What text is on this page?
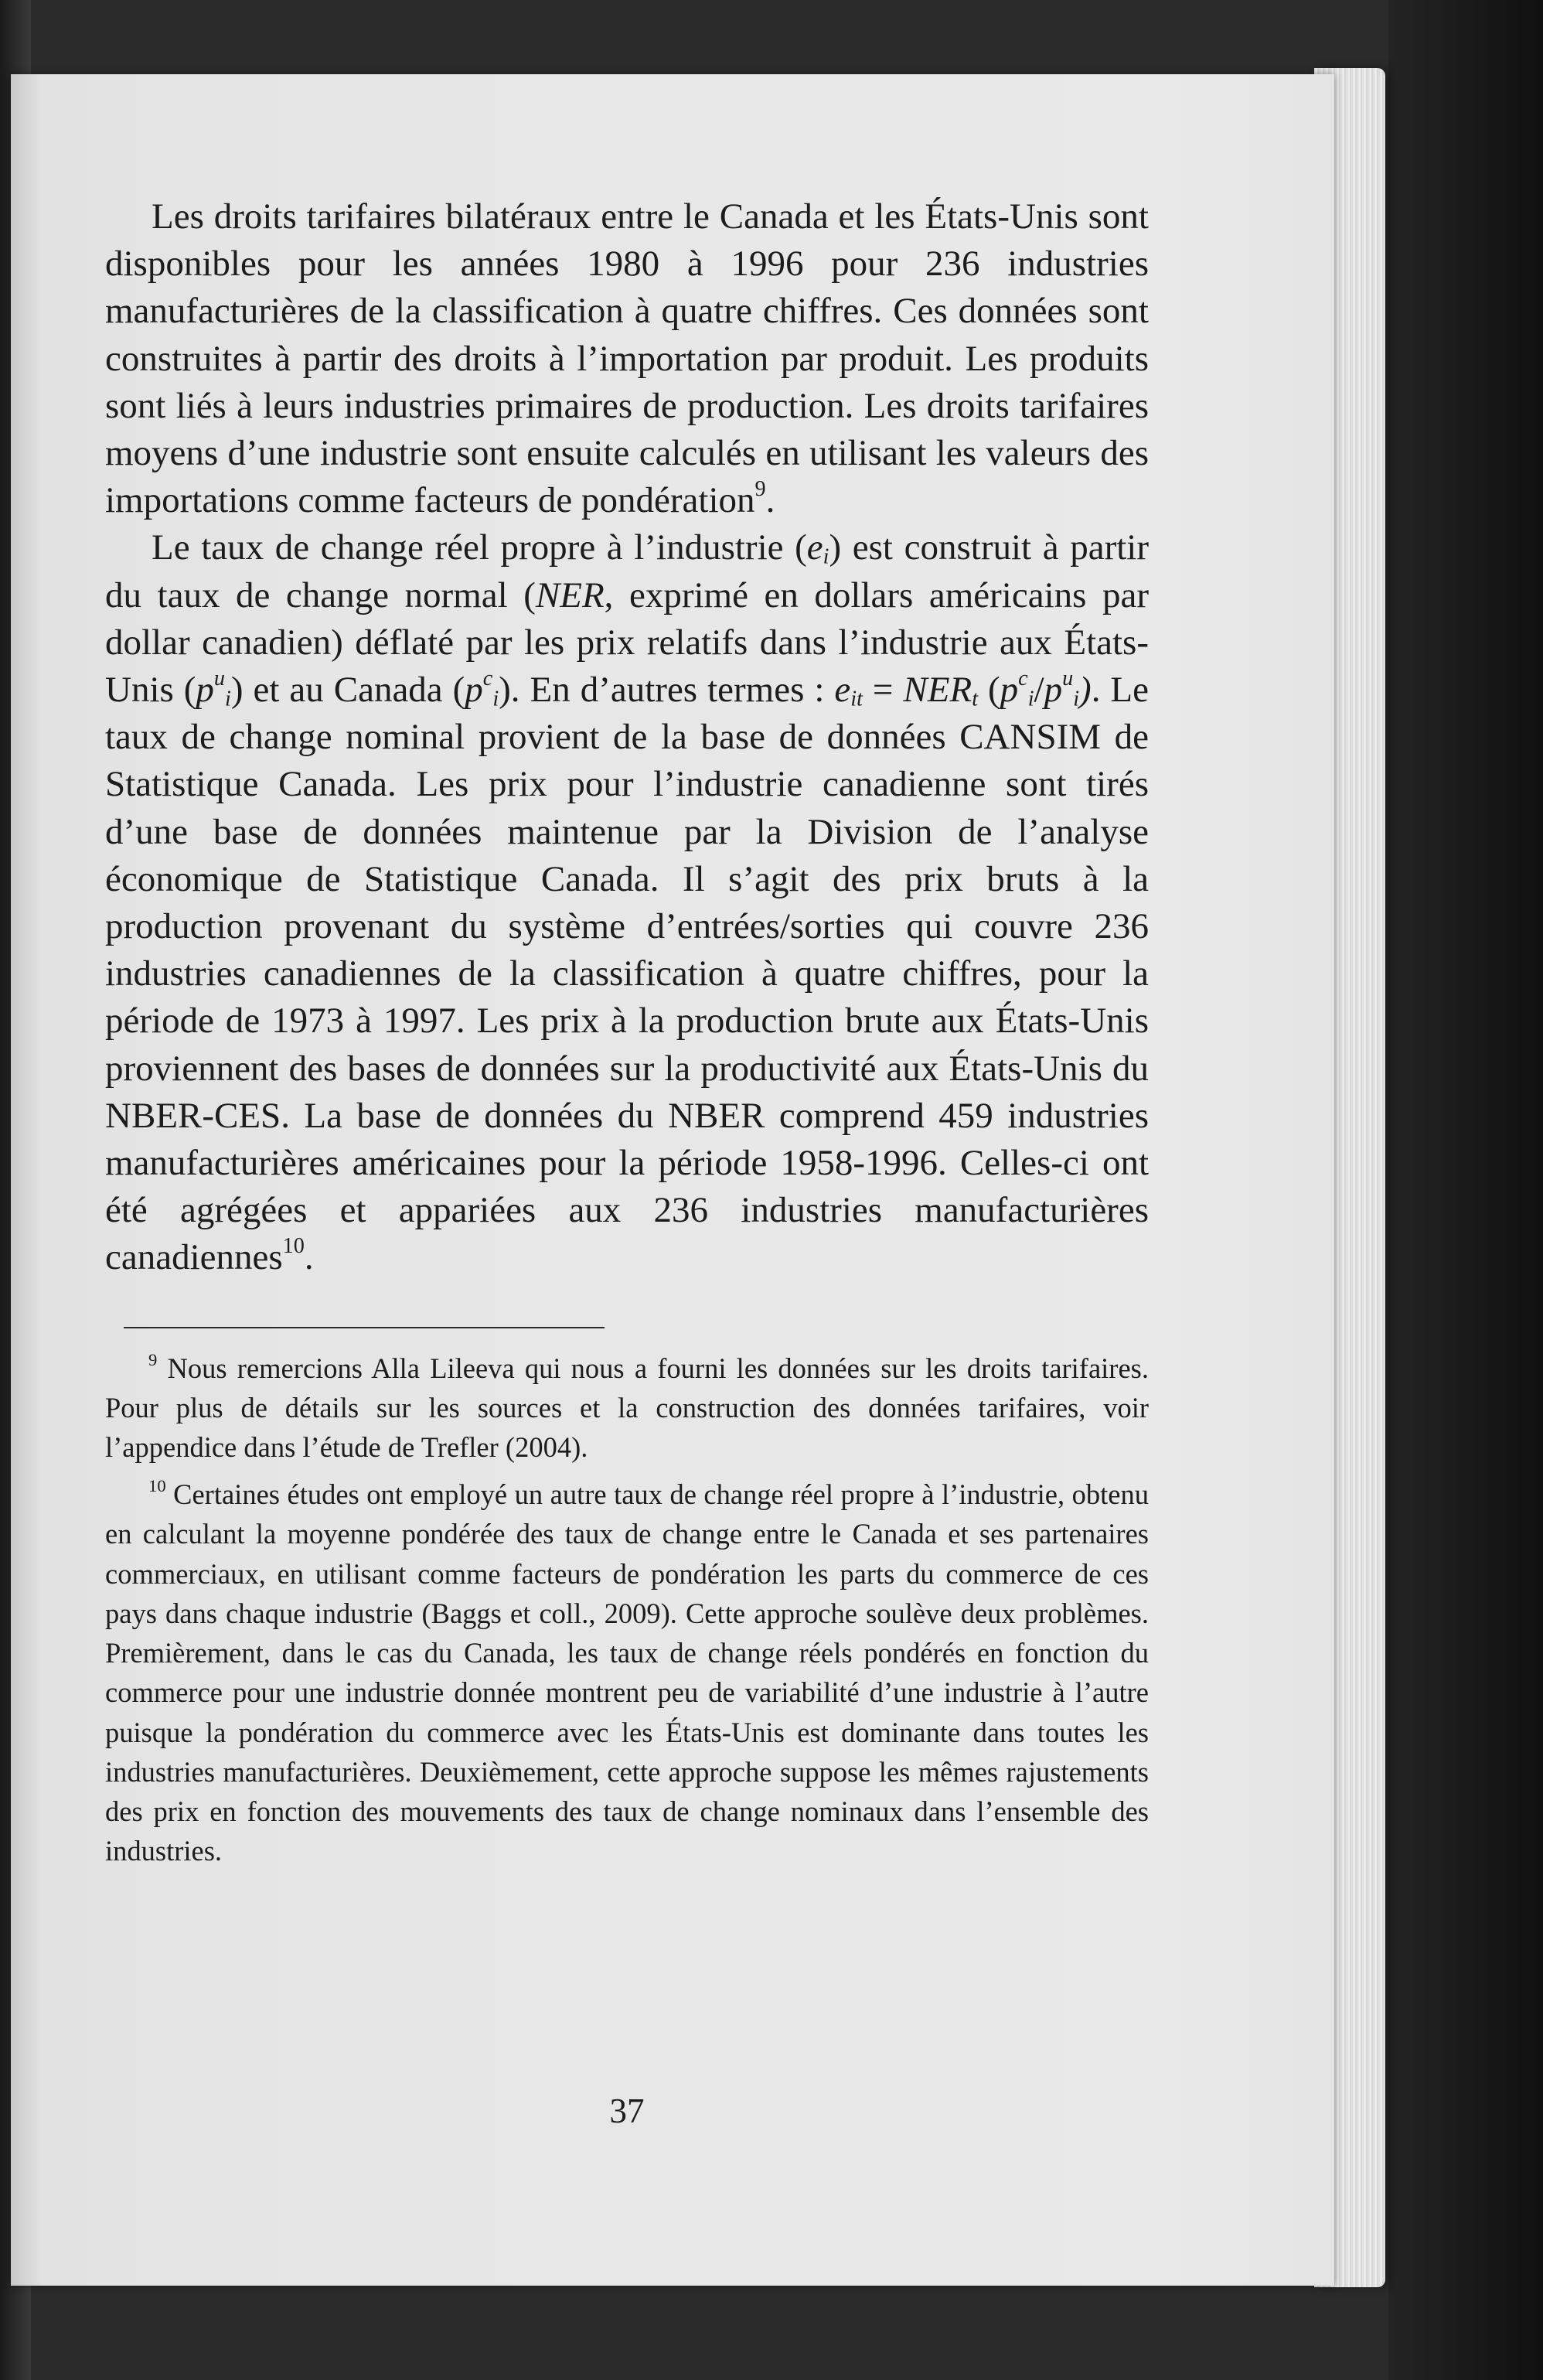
Les droits tarifaires bilatéraux entre le Canada et les États-Unis sont disponibles pour les années 1980 à 1996 pour 236 industries manufacturières de la classification à quatre chiffres. Ces données sont construites à partir des droits à l’importation par produit. Les produits sont liés à leurs industries primaires de production. Les droits tarifaires moyens d’une industrie sont ensuite calculés en utilisant les valeurs des importations comme facteurs de pondération$^9$.

Le taux de change réel propre à l’industrie $(e_i)$ est construit à partir du taux de change normal (NER, exprimé en dollars américains par dollar canadien) déflaté par les prix relatifs dans l’industrie aux États-Unis $(p^u_i)$ et au Canada $(p^c_i)$. En d’autres termes : $e_{it} = NER_t$ $(p^c_i/p^u_i)$. Le taux de change nominal provient de la base de données CANSIM de Statistique Canada. Les prix pour l’industrie canadienne sont tirés d’une base de données maintenue par la Division de l’analyse économique de Statistique Canada. Il s’agit des prix bruts à la production provenant du système d’entrées/sorties qui couvre 236 industries canadiennes de la classification à quatre chiffres, pour la période de 1973 à 1997. Les prix à la production brute aux États-Unis proviennent des bases de données sur la productivité aux États-Unis du NBER-CES. La base de données du NBER comprend 459 industries manufacturières américaines pour la période 1958-1996. Celles-ci ont été agrégées et appariées aux 236 industries manufacturières canadiennes$^{10}$.

$^9$ Nous remercions Alla Lileeva qui nous a fourni les données sur les droits tarifaires. Pour plus de détails sur les sources et la construction des données tarifaires, voir l’appendice dans l’étude de Trefler (2004).

$^{10}$ Certaines études ont employé un autre taux de change réel propre à l’industrie, obtenu en calculant la moyenne pondérée des taux de change entre le Canada et ses partenaires commerciaux, en utilisant comme facteurs de pondération les parts du commerce de ces pays dans chaque industrie (Baggs et coll., 2009). Cette approche soulève deux problèmes. Premièrement, dans le cas du Canada, les taux de change réels pondérés en fonction du commerce pour une industrie donnée montrent peu de variabilité d’une industrie à l’autre puisque la pondération du commerce avec les États-Unis est dominante dans toutes les industries manufacturières. Deuxièmement, cette approche suppose les mêmes rajustements des prix en fonction des mouvements des taux de change nominaux dans l’ensemble des industries.

37
